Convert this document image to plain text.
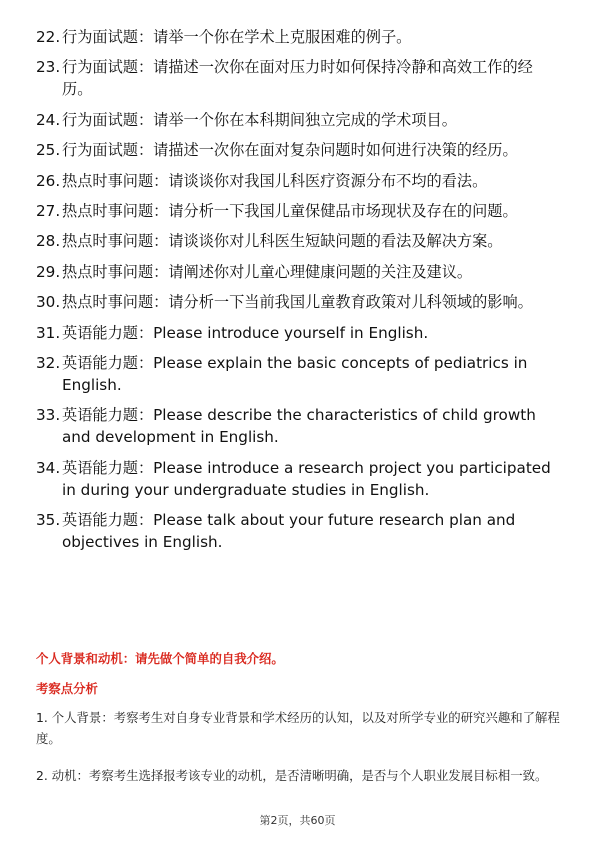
22. 行为面试题：请举一个你在学术上克服困难的例子。
23. 行为面试题：请描述一次你在面对压力时如何保持冷静和高效工作的经历。
24. 行为面试题：请举一个你在本科期间独立完成的学术项目。
25. 行为面试题：请描述一次你在面对复杂问题时如何进行决策的经历。
26. 热点时事问题：请谈谈你对我国儿科医疗资源分布不均的看法。
27. 热点时事问题：请分析一下我国儿童保健品市场现状及存在的问题。
28. 热点时事问题：请谈谈你对儿科医生短缺问题的看法及解决方案。
29. 热点时事问题：请阐述你对儿童心理健康问题的关注及建议。
30. 热点时事问题：请分析一下当前我国儿童教育政策对儿科领域的影响。
31. 英语能力题：Please introduce yourself in English.
32. 英语能力题：Please explain the basic concepts of pediatrics in English.
33. 英语能力题：Please describe the characteristics of child growth and development in English.
34. 英语能力题：Please introduce a research project you participated in during your undergraduate studies in English.
35. 英语能力题：Please talk about your future research plan and objectives in English.
个人背景和动机：请先做个简单的自我介绍。
考察点分析
1. 个人背景：考察考生对自身专业背景和学术经历的认知，以及对所学专业的研究兴趣和了解程度。
2. 动机：考察考生选择报考该专业的动机，是否清晰明确，是否与个人职业发展目标相一致。
第2页，共60页
